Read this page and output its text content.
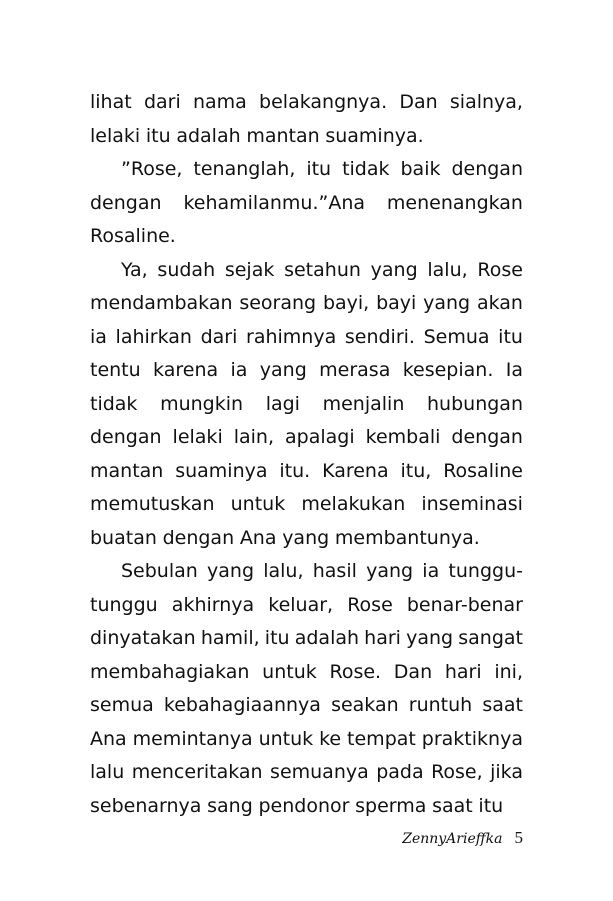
lihat dari nama belakangnya. Dan sialnya,
lelaki itu adalah mantan suaminya.
”Rose, tenanglah, itu tidak baik dengan
dengan kehamilanmu.”Ana menenangkan
Rosaline.
Ya, sudah sejak setahun yang lalu, Rose
mendambakan seorang bayi, bayi yang akan
ia lahirkan dari rahimnya sendiri. Semua itu
tentu karena ia yang merasa kesepian. Ia
tidak mungkin lagi menjalin hubungan
dengan lelaki lain, apalagi kembali dengan
mantan suaminya itu. Karena itu, Rosaline
memutuskan untuk melakukan inseminasi
buatan dengan Ana yang membantunya.
Sebulan yang lalu, hasil yang ia tunggu-
tunggu akhirnya keluar, Rose benar-benar
dinyatakan hamil, itu adalah hari yang sangat
membahagiakan untuk Rose. Dan hari ini,
semua kebahagiaannya seakan runtuh saat
Ana memintanya untuk ke tempat praktiknya
lalu menceritakan semuanya pada Rose, jika
sebenarnya sang pendonor sperma saat itu
ZennyArieffka 5
